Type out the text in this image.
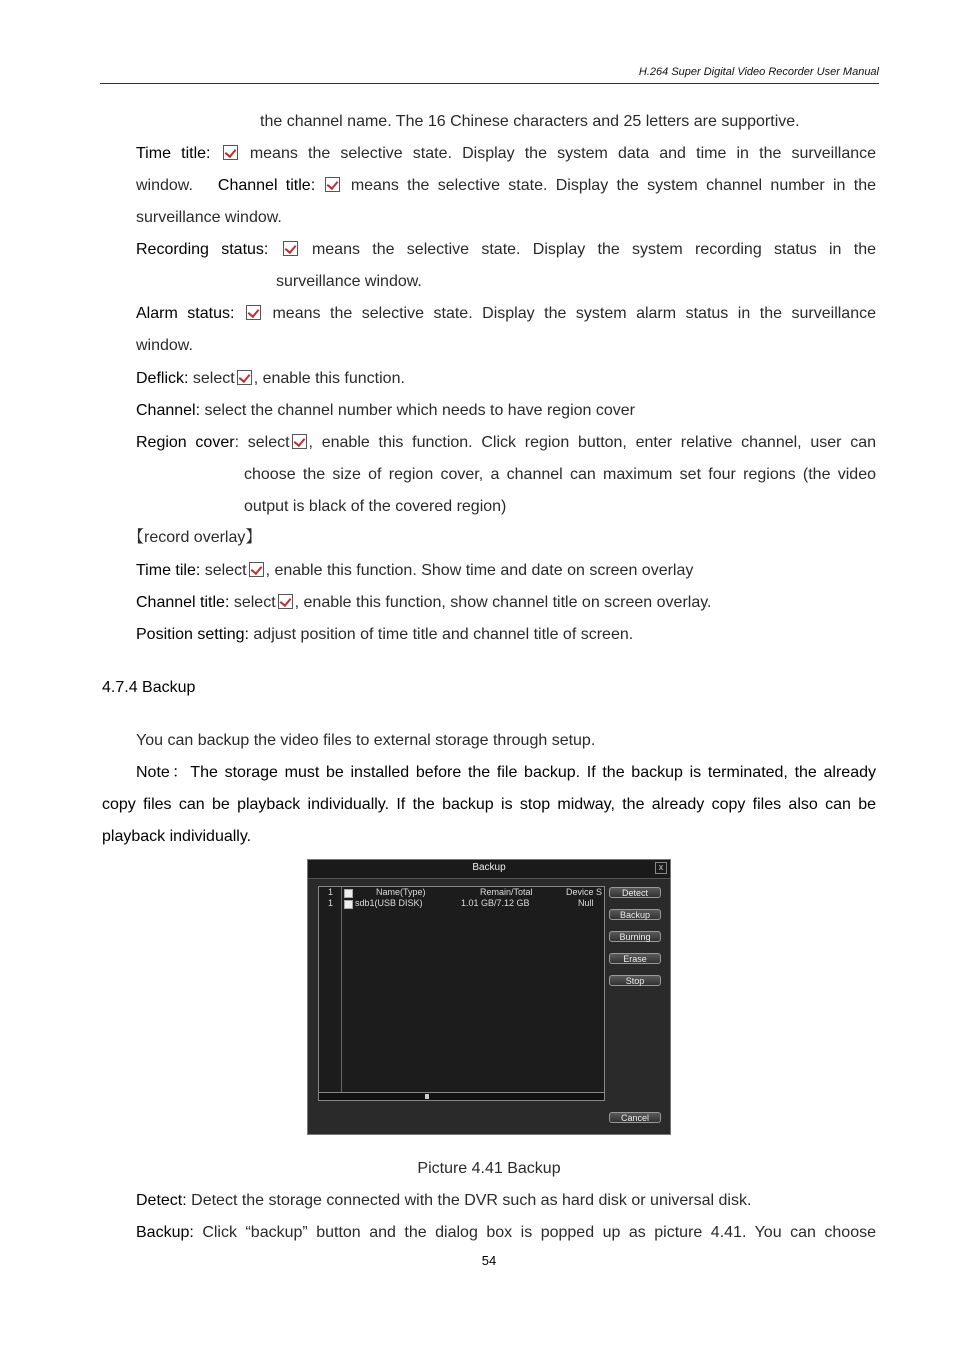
H.264 Super Digital Video Recorder User Manual
the channel name. The 16 Chinese characters and 25 letters are supportive.
Time title: means the selective state. Display the system data and time in the surveillance
window. Channel title: means the selective state. Display the system channel number in the
surveillance window.
Recording status:	means the selective state. Display the system recording status in the
surveillance window.
Alarm status: means the selective state. Display the system alarm status in the surveillance
window.
Deflick: select , enable this function.
Channel: select the channel number which needs to have region cover
Region cover: select , enable this function. Click region button, enter relative channel, user can
choose the size of region cover, a channel can maximum set four regions (the video
output is black of the covered region)
【record overlay】
Time tile: select , enable this function. Show time and date on screen overlay
Channel title: select , enable this function, show channel title on screen overlay.
Position setting: adjust position of time title and channel title of screen.
4.7.4 Backup
You can backup the video files to external storage through setup.
Note：The storage must be installed before the file backup. If the backup is terminated, the already
copy files can be playback individually. If the backup is stop midway, the already copy files also can be
playback individually.
Backup	x
1	Name(Type)	Remain/Total	Device S
1 sdb1(USB DISK)	1.01 GB/7.12 GB	Null
Detect
Backup
Burning
Erase
Stop
Cancel
Picture 4.41 Backup
Detect: Detect the storage connected with the DVR such as hard disk or universal disk.
Backup: Click “backup” button and the dialog box is popped up as picture 4.41. You can choose
54
